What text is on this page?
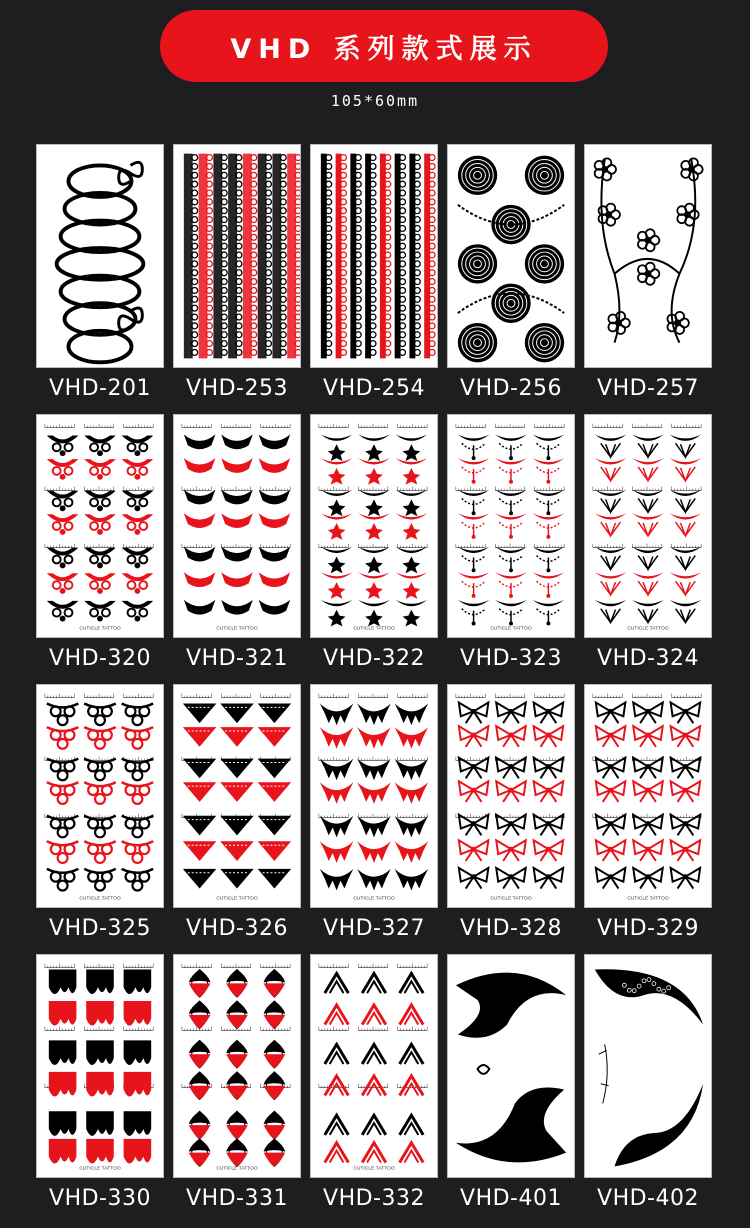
VHD 系列款式展示
105*60mm
VHD-201	VHD-253	VHD-254	VHD-256	VHD-257
CUTICLE TATTOO
VHD-320
CUTICLE TATTOO
VHD-321
CUTICLE TATTOO
VHD-322
CUTICLE TATTOO
VHD-323
CUTICLE TATTOO
VHD-324
CUTICLE TATTOO
VHD-325
CUTICLE TATTOO
VHD-326
CUTICLE TATTOO
VHD-327
CUTICLE TATTOO
VHD-328
CUTICLE TATTOO
VHD-329
CUTICLE TATTOO
VHD-330
CUTICLE TATTOO
VHD-331
CUTICLE TATTOO
VHD-332	VHD-401	VHD-402
